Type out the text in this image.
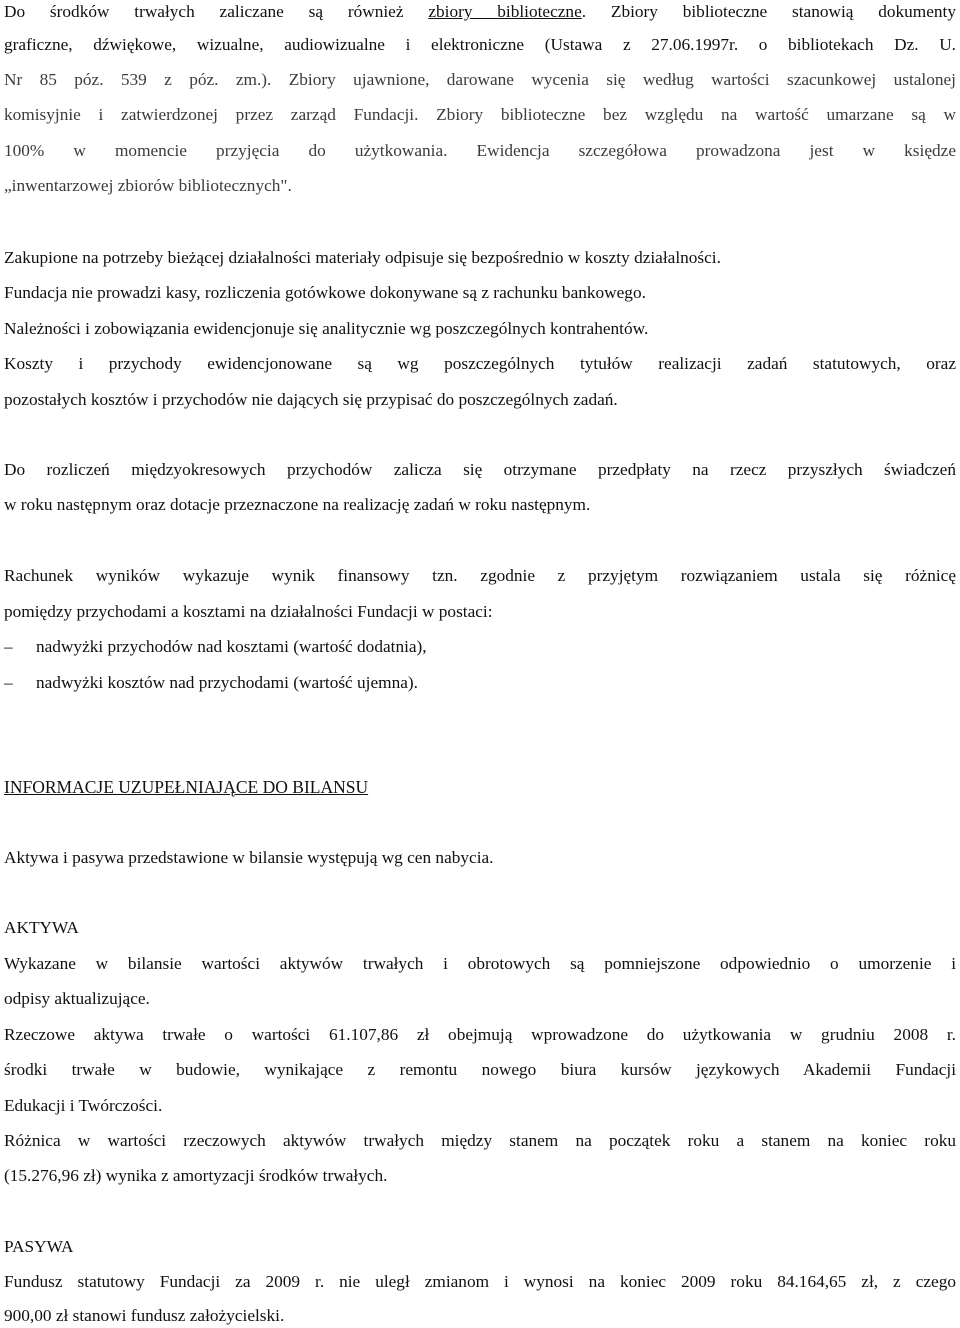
Do środków trwałych zaliczane są również zbiory biblioteczne. Zbiory biblioteczne stanowią dokumenty
graficzne, dźwiękowe, wizualne, audiowizualne i elektroniczne (Ustawa z 27.06.1997r. o bibliotekach Dz. U.
Nr 85 póz. 539 z póz. zm.). Zbiory ujawnione, darowane wycenia się według wartości szacunkowej ustalonej
komisyjnie i zatwierdzonej przez zarząd Fundacji. Zbiory biblioteczne bez względu na wartość umarzane są w
100% w momencie przyjęcia do użytkowania. Ewidencja szczegółowa prowadzona jest w księdze
„inwentarzowej zbiorów bibliotecznych".
Zakupione na potrzeby bieżącej działalności materiały odpisuje się bezpośrednio w koszty działalności.
Fundacja nie prowadzi kasy, rozliczenia gotówkowe dokonywane są z rachunku bankowego.
Należności i zobowiązania ewidencjonuje się analitycznie wg poszczególnych kontrahentów.
Koszty i przychody ewidencjonowane są wg poszczególnych tytułów realizacji zadań statutowych, oraz
pozostałych kosztów i przychodów nie dających się przypisać do poszczególnych zadań.
Do rozliczeń międzyokresowych przychodów zalicza się otrzymane przedpłaty na rzecz przyszłych świadczeń
w roku następnym oraz dotacje przeznaczone na realizację zadań w roku następnym.
Rachunek wyników wykazuje wynik finansowy tzn. zgodnie z przyjętym rozwiązaniem ustala się różnicę
pomiędzy przychodami a kosztami na działalności Fundacji w postaci:
– nadwyżki przychodów nad kosztami (wartość dodatnia),
– nadwyżki kosztów nad przychodami (wartość ujemna).
INFORMACJE UZUPEŁNIAJĄCE DO BILANSU
Aktywa i pasywa przedstawione w bilansie występują wg cen nabycia.
AKTYWA
Wykazane w bilansie wartości aktywów trwałych i obrotowych są pomniejszone odpowiednio o umorzenie i
odpisy aktualizujące.
Rzeczowe aktywa trwałe o wartości 61.107,86 zł obejmują wprowadzone do użytkowania w grudniu 2008 r.
środki trwałe w budowie, wynikające z remontu nowego biura kursów językowych Akademii Fundacji
Edukacji i Twórczości.
Różnica w wartości rzeczowych aktywów trwałych między stanem na początek roku a stanem na koniec roku
(15.276,96 zł) wynika z amortyzacji środków trwałych.
PASYWA
Fundusz statutowy Fundacji za 2009 r. nie uległ zmianom i wynosi na koniec 2009 roku 84.164,65 zł, z czego
900,00 zł stanowi fundusz założycielski.
